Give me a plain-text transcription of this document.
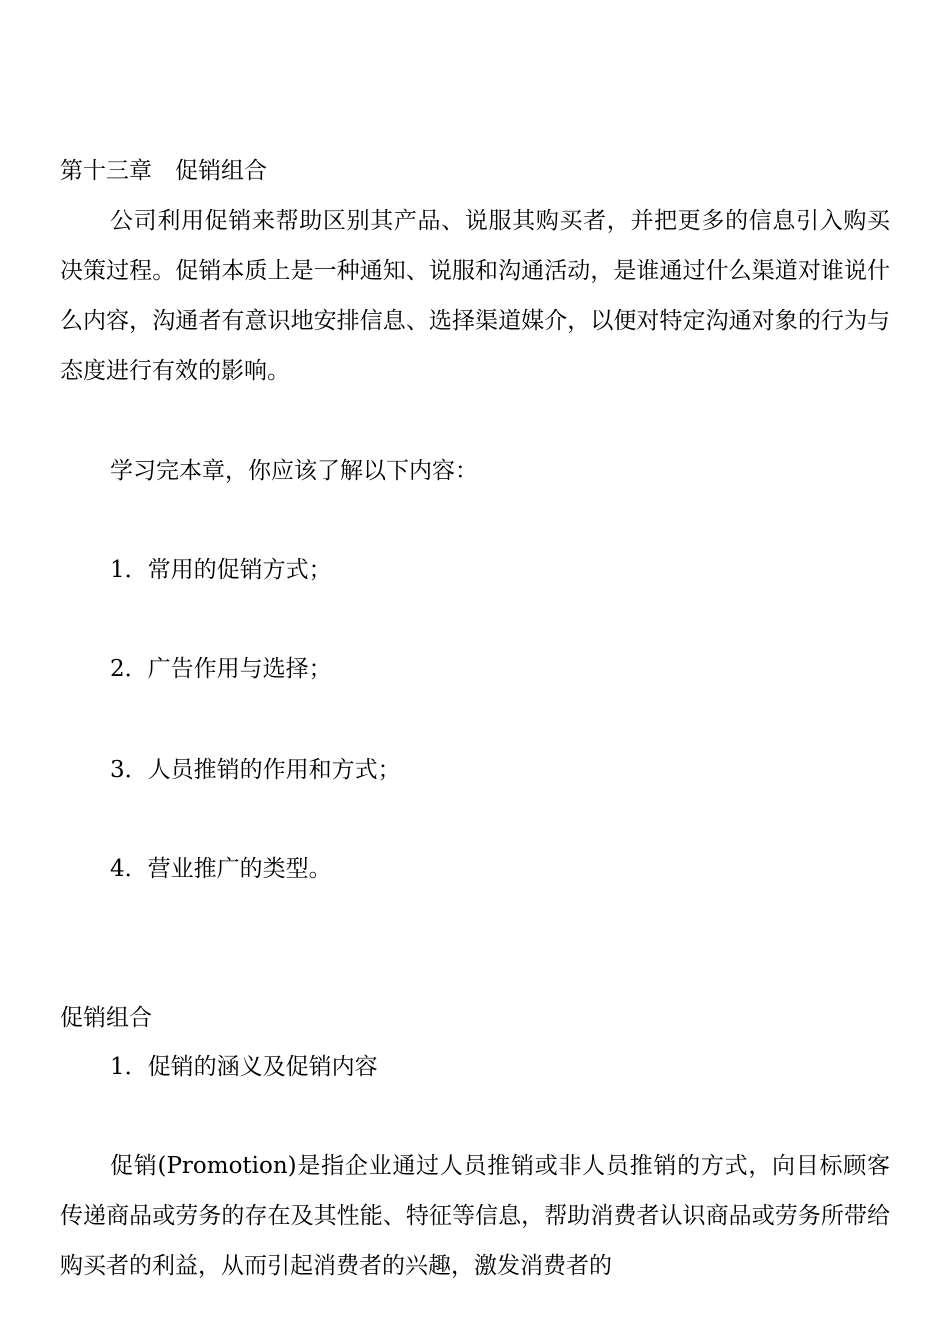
第十三章　促销组合
公司利用促销来帮助区别其产品、说服其购买者，并把更多的信息引入购买决策过程。促销本质上是一种通知、说服和沟通活动，是谁通过什么渠道对谁说什么内容，沟通者有意识地安排信息、选择渠道媒介，以便对特定沟通对象的行为与态度进行有效的影响。
学习完本章，你应该了解以下内容：
1．常用的促销方式；
2．广告作用与选择；
3．人员推销的作用和方式；
4．营业推广的类型。
促销组合
1．促销的涵义及促销内容
促销(Promotion)是指企业通过人员推销或非人员推销的方式，向目标顾客传递商品或劳务的存在及其性能、特征等信息，帮助消费者认识商品或劳务所带给购买者的利益，从而引起消费者的兴趣，激发消费者的
